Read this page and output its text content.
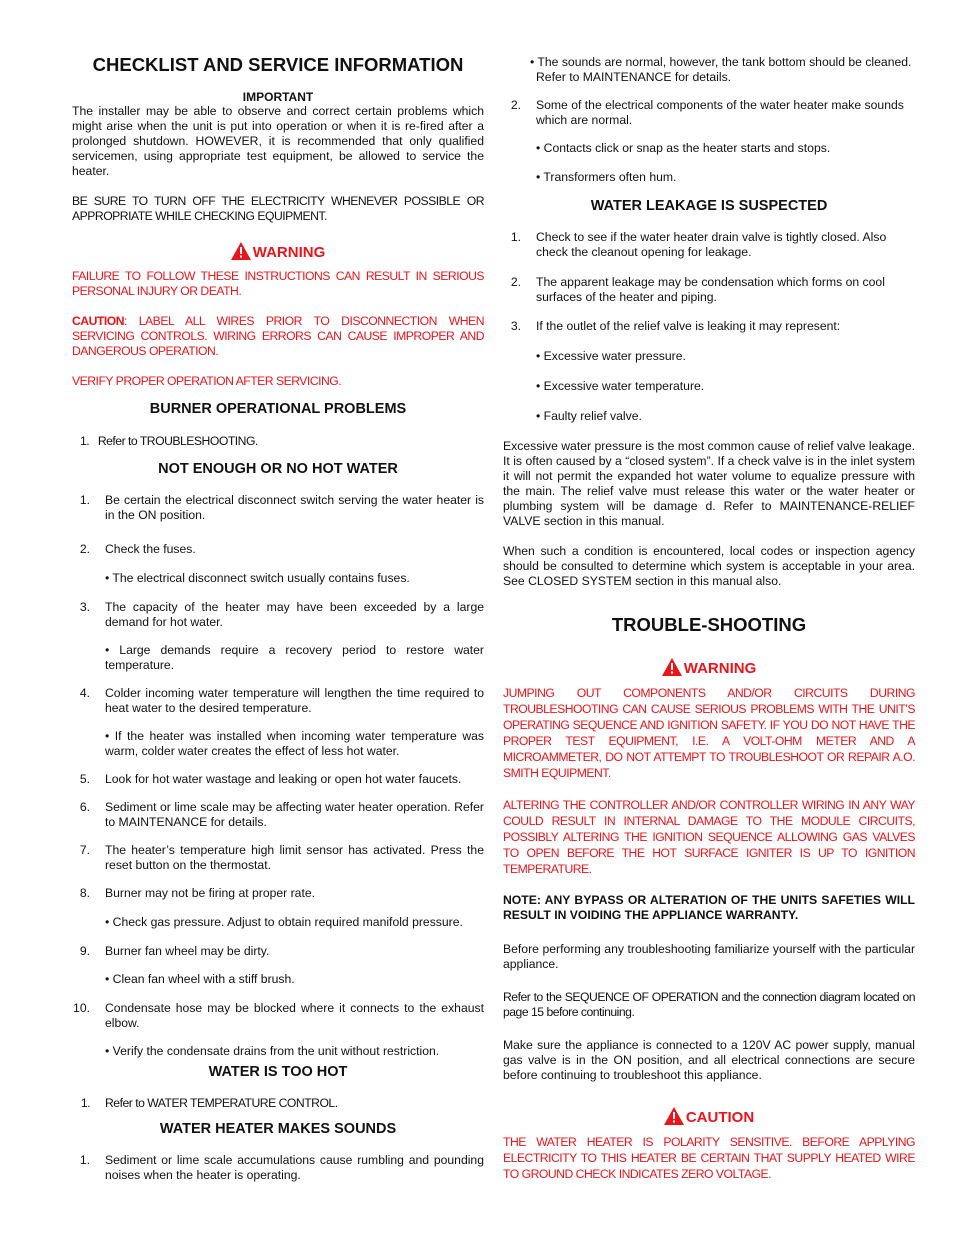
CHECKLIST AND SERVICE INFORMATION
IMPORTANT
The installer may be able to observe and correct certain problems which might arise when the unit is put into operation or when it is re-fired after a prolonged shutdown. HOWEVER, it is recommended that only qualified servicemen, using appropriate test equipment, be allowed to service the heater.
BE SURE TO TURN OFF THE ELECTRICITY WHENEVER POSSIBLE OR APPROPRIATE WHILE CHECKING EQUIPMENT.
WARNING
FAILURE TO FOLLOW THESE INSTRUCTIONS CAN RESULT IN SERIOUS PERSONAL INJURY OR DEATH.
CAUTION: LABEL ALL WIRES PRIOR TO DISCONNECTION WHEN SERVICING CONTROLS. WIRING ERRORS CAN CAUSE IMPROPER AND DANGEROUS OPERATION.
VERIFY PROPER OPERATION AFTER SERVICING.
BURNER OPERATIONAL PROBLEMS
1. Refer to TROUBLESHOOTING.
NOT ENOUGH OR NO HOT WATER
1. Be certain the electrical disconnect switch serving the water heater is in the ON position.
2. Check the fuses.
• The electrical disconnect switch usually contains fuses.
3. The capacity of the heater may have been exceeded by a large demand for hot water.
• Large demands require a recovery period to restore water temperature.
4. Colder incoming water temperature will lengthen the time required to heat water to the desired temperature.
• If the heater was installed when incoming water temperature was warm, colder water creates the effect of less hot water.
5. Look for hot water wastage and leaking or open hot water faucets.
6. Sediment or lime scale may be affecting water heater operation. Refer to MAINTENANCE for details.
7. The heater’s temperature high limit sensor has activated. Press the reset button on the thermostat.
8. Burner may not be firing at proper rate.
• Check gas pressure. Adjust to obtain required manifold pressure.
9. Burner fan wheel may be dirty.
• Clean fan wheel with a stiff brush.
10. Condensate hose may be blocked where it connects to the exhaust elbow.
• Verify the condensate drains from the unit without restriction.
WATER IS TOO HOT
1. Refer to WATER TEMPERATURE CONTROL.
WATER HEATER MAKES SOUNDS
1. Sediment or lime scale accumulations cause rumbling and pounding noises when the heater is operating.
• The sounds are normal, however, the tank bottom should be cleaned. Refer to MAINTENANCE for details.
2. Some of the electrical components of the water heater make sounds which are normal.
• Contacts click or snap as the heater starts and stops.
• Transformers often hum.
WATER LEAKAGE IS SUSPECTED
1. Check to see if the water heater drain valve is tightly closed. Also check the cleanout opening for leakage.
2. The apparent leakage may be condensation which forms on cool surfaces of the heater and piping.
3. If the outlet of the relief valve is leaking it may represent:
• Excessive water pressure.
• Excessive water temperature.
• Faulty relief valve.
Excessive water pressure is the most common cause of relief valve leakage. It is often caused by a “closed system”. If a check valve is in the inlet system it will not permit the expanded hot water volume to equalize pressure with the main. The relief valve must release this water or the water heater or plumbing system will be damage d. Refer to MAINTENANCE-RELIEF VALVE section in this manual.
When such a condition is encountered, local codes or inspection agency should be consulted to determine which system is acceptable in your area. See CLOSED SYSTEM section in this manual also.
TROUBLE-SHOOTING
WARNING
JUMPING OUT COMPONENTS AND/OR CIRCUITS DURING TROUBLESHOOTING CAN CAUSE SERIOUS PROBLEMS WITH THE UNIT’S OPERATING SEQUENCE AND IGNITION SAFETY. IF YOU DO NOT HAVE THE PROPER TEST EQUIPMENT, I.E. A VOLT-OHM METER AND A MICROAMMETER, DO NOT ATTEMPT TO TROUBLESHOOT OR REPAIR A.O. SMITH EQUIPMENT.
ALTERING THE CONTROLLER AND/OR CONTROLLER WIRING IN ANY WAY COULD RESULT IN INTERNAL DAMAGE TO THE MODULE CIRCUITS, POSSIBLY ALTERING THE IGNITION SEQUENCE ALLOWING GAS VALVES TO OPEN BEFORE THE HOT SURFACE IGNITER IS UP TO IGNITION TEMPERATURE.
NOTE: ANY BYPASS OR ALTERATION OF THE UNITS SAFETIES WILL RESULT IN VOIDING THE APPLIANCE WARRANTY.
Before performing any troubleshooting familiarize yourself with the particular appliance.
Refer to the SEQUENCE OF OPERATION and the connection diagram located on page 15 before continuing.
Make sure the appliance is connected to a 120V AC power supply, manual gas valve is in the ON position, and all electrical connections are secure before continuing to troubleshoot this appliance.
CAUTION
THE WATER HEATER IS POLARITY SENSITIVE. BEFORE APPLYING ELECTRICITY TO THIS HEATER BE CERTAIN THAT SUPPLY HEATED WIRE TO GROUND CHECK INDICATES ZERO VOLTAGE.
